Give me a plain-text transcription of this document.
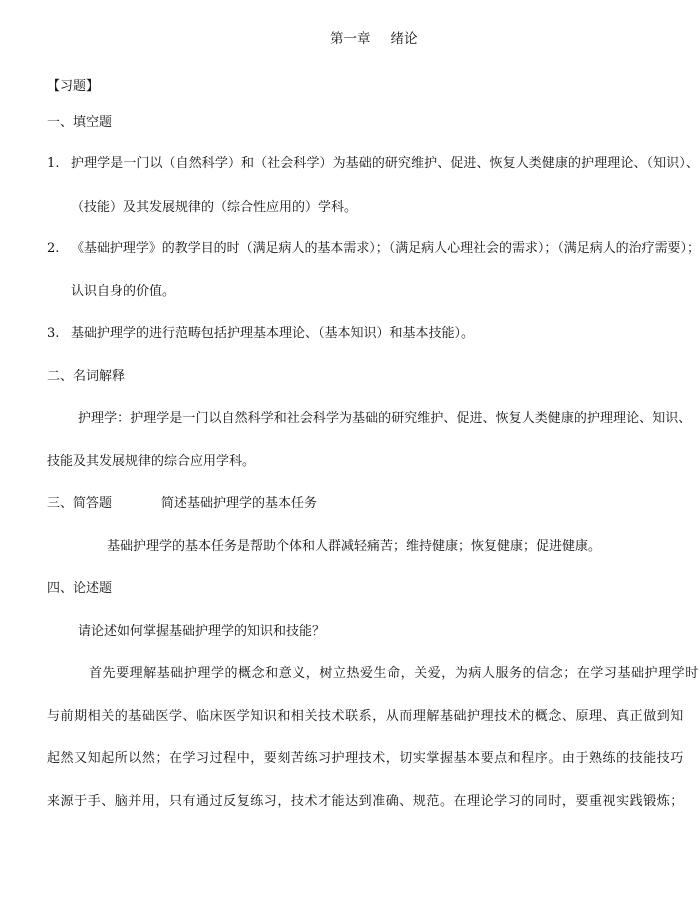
第一章 绪论
【习题】
一、填空题
1. 护理学是一门以（自然科学）和（社会科学）为基础的研究维护、促进、恢复人类健康的护理理论、（知识）、
（技能）及其发展规律的（综合性应用的）学科。
2. 《基础护理学》的教学目的时（满足病人的基本需求）；（满足病人心理社会的需求）；（满足病人的治疗需要）；
认识自身的价值。
3. 基础护理学的进行范畴包括护理基本理论、（基本知识）和基本技能）。
二、名词解释
护理学：护理学是一门以自然科学和社会科学为基础的研究维护、促进、恢复人类健康的护理理论、知识、
技能及其发展规律的综合应用学科。
三、简答题	简述基础护理学的基本任务
基础护理学的基本任务是帮助个体和人群减轻痛苦；维持健康；恢复健康；促进健康。
四、论述题
请论述如何掌握基础护理学的知识和技能？
首先要理解基础护理学的概念和意义，树立热爱生命，关爱，为病人服务的信念；在学习基础护理学时
与前期相关的基础医学、临床医学知识和相关技术联系，从而理解基础护理技术的概念、原理、真正做到知
起然又知起所以然；在学习过程中，要刻苦练习护理技术，切实掌握基本要点和程序。由于熟练的技能技巧
来源于手、脑并用，只有通过反复练习，技术才能达到准确、规范。在理论学习的同时，要重视实践锻炼；
